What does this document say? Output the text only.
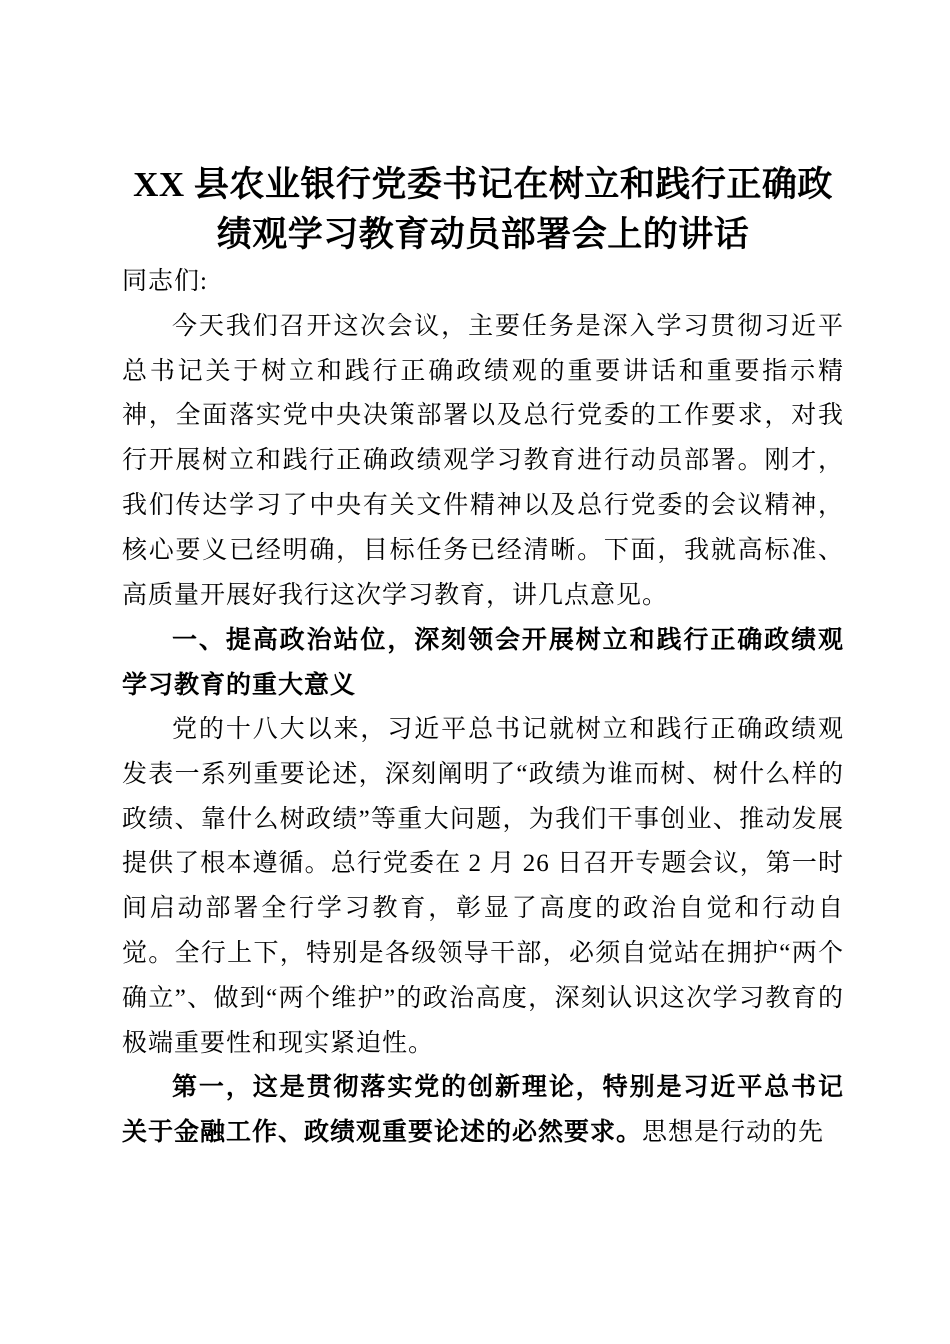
XX 县农业银行党委书记在树立和践行正确政绩观学习教育动员部署会上的讲话

同志们:

今天我们召开这次会议，主要任务是深入学习贯彻习近平总书记关于树立和践行正确政绩观的重要讲话和重要指示精神，全面落实党中央决策部署以及总行党委的工作要求，对我行开展树立和践行正确政绩观学习教育进行动员部署。刚才，我们传达学习了中央有关文件精神以及总行党委的会议精神，核心要义已经明确，目标任务已经清晰。下面，我就高标准、高质量开展好我行这次学习教育，讲几点意见。

一、提高政治站位，深刻领会开展树立和践行正确政绩观学习教育的重大意义

党的十八大以来，习近平总书记就树立和践行正确政绩观发表一系列重要论述，深刻阐明了“政绩为谁而树、树什么样的政绩、靠什么树政绩”等重大问题，为我们干事创业、推动发展提供了根本遵循。总行党委在 2 月 26 日召开专题会议，第一时间启动部署全行学习教育，彰显了高度的政治自觉和行动自觉。全行上下，特别是各级领导干部，必须自觉站在拥护“两个确立”、做到“两个维护”的政治高度，深刻认识这次学习教育的极端重要性和现实紧迫性。

第一，这是贯彻落实党的创新理论，特别是习近平总书记关于金融工作、政绩观重要论述的必然要求。思想是行动的先
